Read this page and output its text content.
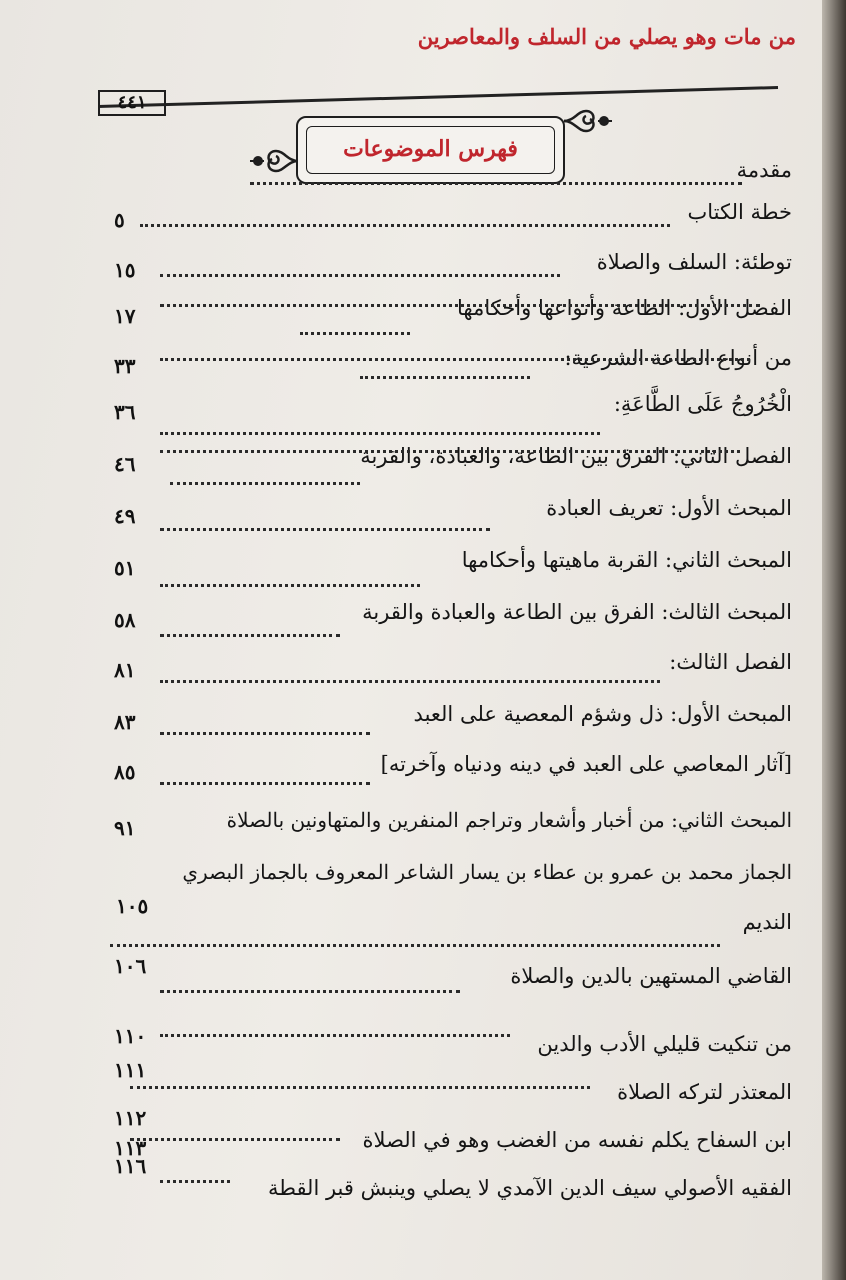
من مات وهو يصلي من السلف والمعاصرين
٤٤١
فهرس الموضوعات
مقدمة
خطة الكتاب
٥
توطئة: السلف والصلاة
١٥
الفصل الأول: الطاعة وأنواعها وأحكامها
١٧
من أنواع الطاعة الشرعية:
٣٣
الْخُرُوجُ عَلَى الطَّاعَةِ:
٣٦
الفصل الثاني: الفرق بين الطاعة، والعبادة، والقربة
٤٦
المبحث الأول: تعريف العبادة
٤٩
المبحث الثاني: القربة ماهيتها وأحكامها
٥١
المبحث الثالث: الفرق بين الطاعة والعبادة والقربة
٥٨
الفصل الثالث:
٨١
المبحث الأول: ذل وشؤم المعصية على العبد
٨٣
[آثار المعاصي على العبد في دينه ودنياه وآخرته]
٨٥
المبحث الثاني: من أخبار وأشعار وتراجم المنفرين والمتهاونين بالصلاة
٩١
الجماز محمد بن عمرو بن عطاء بن يسار الشاعر المعروف بالجماز البصري
النديم
١٠٥
١٠٦	القاضي المستهين بالدين والصلاة
١١٠	من تنكيت قليلي الأدب والدين
١١١
المعتذر لتركه الصلاة
١١٢
ابن السفاح يكلم نفسه من الغضب وهو في الصلاة
١١٦
الفقيه الأصولي سيف الدين الآمدي لا يصلي وينبش قبر القطة
١١٣
